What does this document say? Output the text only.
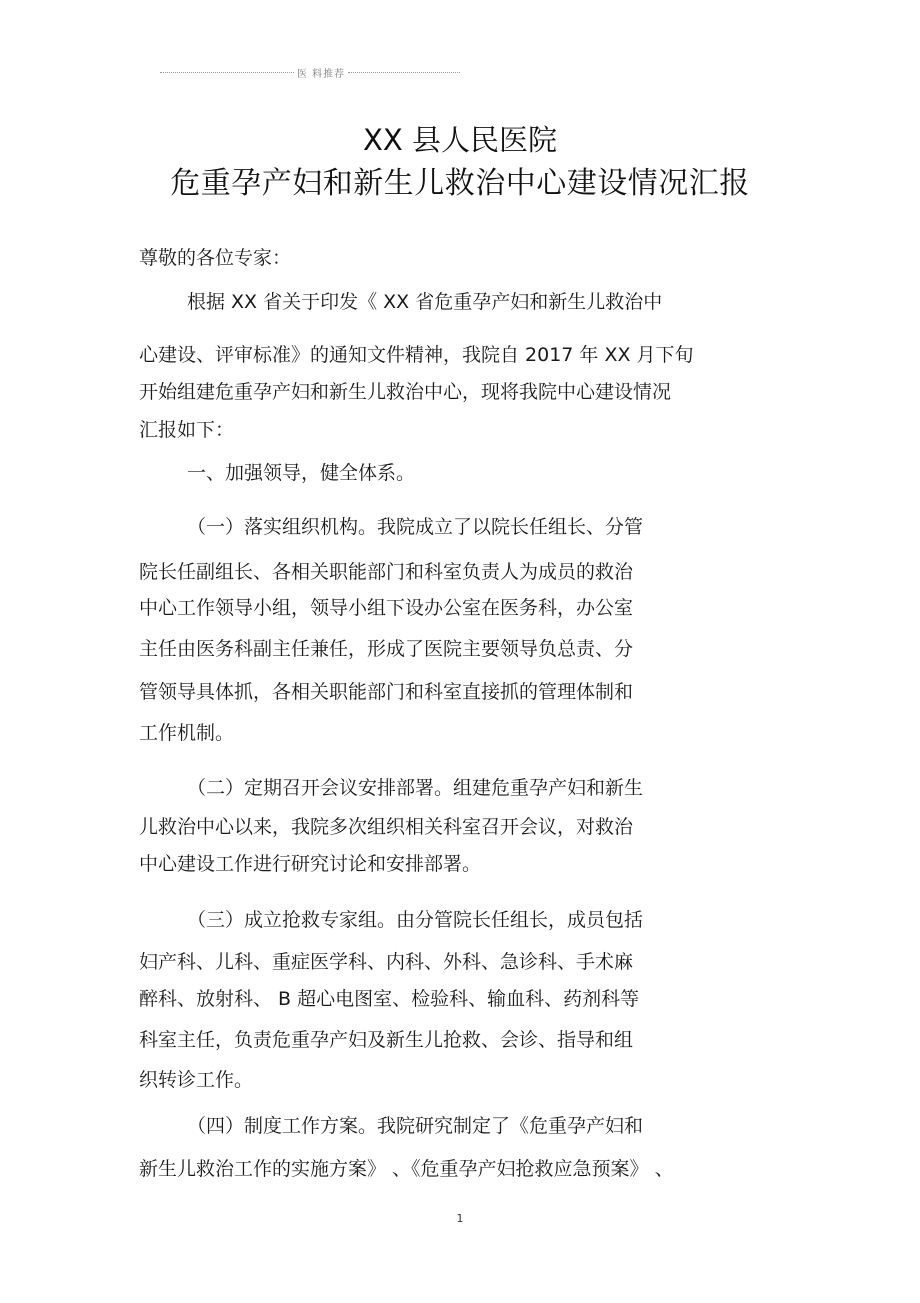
医 料推荐
XX 县人民医院
危重孕产妇和新生儿救治中心建设情况汇报
尊敬的各位专家：
根据 XX 省关于印发《 XX 省危重孕产妇和新生儿救治中
心建设、评审标准》的通知文件精神，我院自 2017 年 XX 月下旬
开始组建危重孕产妇和新生儿救治中心，现将我院中心建设情况
汇报如下：
一、加强领导，健全体系。
（一）落实组织机构。我院成立了以院长任组长、分管
院长任副组长、各相关职能部门和科室负责人为成员的救治
中心工作领导小组，领导小组下设办公室在医务科，办公室
主任由医务科副主任兼任，形成了医院主要领导负总责、分
管领导具体抓，各相关职能部门和科室直接抓的管理体制和
工作机制。
（二）定期召开会议安排部署。组建危重孕产妇和新生
儿救治中心以来，我院多次组织相关科室召开会议，对救治
中心建设工作进行研究讨论和安排部署。
（三）成立抢救专家组。由分管院长任组长，成员包括
妇产科、儿科、重症医学科、内科、外科、急诊科、手术麻
醉科、放射科、 B 超心电图室、检验科、输血科、药剂科等
科室主任，负责危重孕产妇及新生儿抢救、会诊、指导和组
织转诊工作。
（四）制度工作方案。我院研究制定了《危重孕产妇和
新生儿救治工作的实施方案》 、《危重孕产妇抢救应急预案》 、
1
